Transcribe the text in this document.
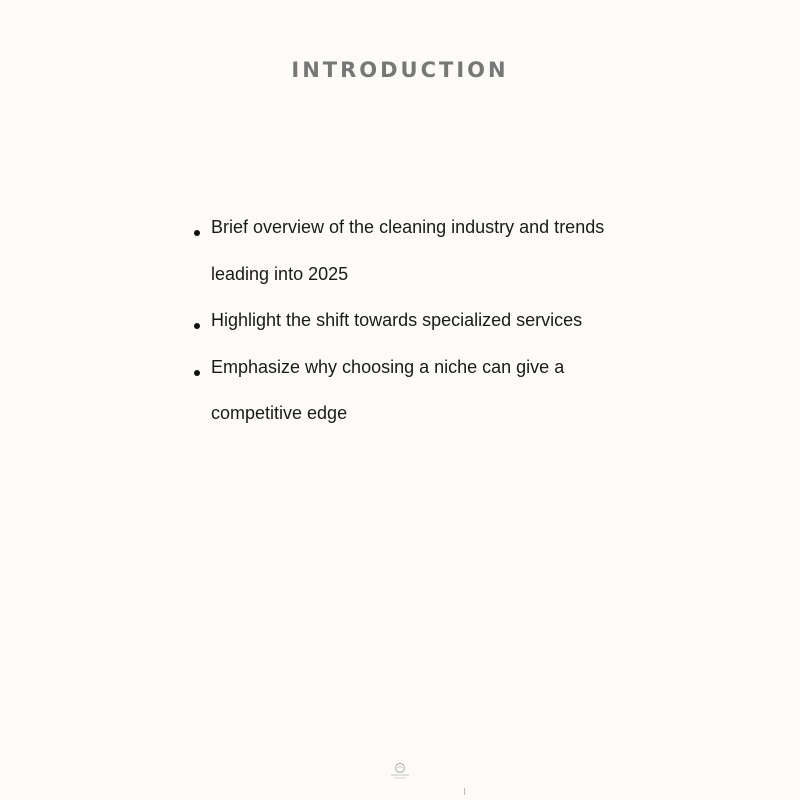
INTRODUCTION
Brief overview of the cleaning industry and trends leading into 2025
Highlight the shift towards specialized services
Emphasize why choosing a niche can give a competitive edge
